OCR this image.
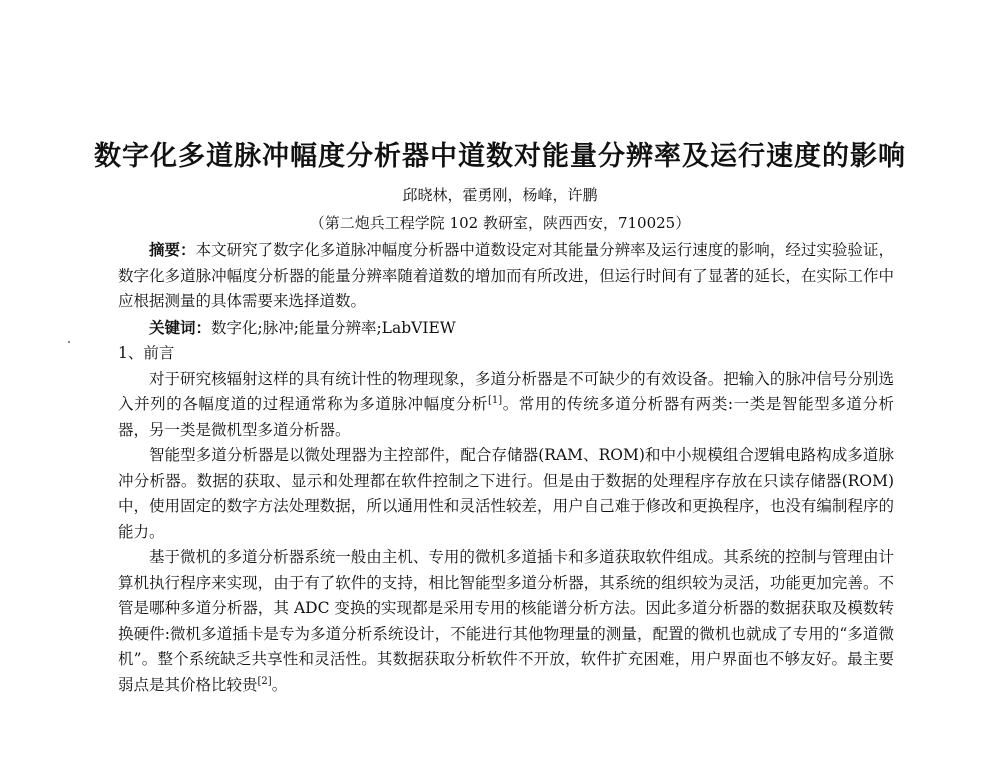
数字化多道脉冲幅度分析器中道数对能量分辨率及运行速度的影响
邱晓林，霍勇刚，杨峰，许鹏
（第二炮兵工程学院 102 教研室，陕西西安，710025）

摘要：本文研究了数字化多道脉冲幅度分析器中道数设定对其能量分辨率及运行速度的影响，经过实验验证，数字化多道脉冲幅度分析器的能量分辨率随着道数的增加而有所改进，但运行时间有了显著的延长，在实际工作中应根据测量的具体需要来选择道数。

关键词：数字化;脉冲;能量分辨率;LabVIEW

1、前言

对于研究核辐射这样的具有统计性的物理现象，多道分析器是不可缺少的有效设备。把输入的脉冲信号分别选入并列的各幅度道的过程通常称为多道脉冲幅度分析[1]。常用的传统多道分析器有两类:一类是智能型多道分析器，另一类是微机型多道分析器。

智能型多道分析器是以微处理器为主控部件，配合存储器(RAM、ROM)和中小规模组合逻辑电路构成多道脉冲分析器。数据的获取、显示和处理都在软件控制之下进行。但是由于数据的处理程序存放在只读存储器(ROM)中，使用固定的数字方法处理数据，所以通用性和灵活性较差，用户自己难于修改和更换程序，也没有编制程序的能力。

基于微机的多道分析器系统一般由主机、专用的微机多道插卡和多道获取软件组成。其系统的控制与管理由计算机执行程序来实现，由于有了软件的支持，相比智能型多道分析器，其系统的组织较为灵活，功能更加完善。不管是哪种多道分析器，其 ADC 变换的实现都是采用专用的核能谱分析方法。因此多道分析器的数据获取及模数转换硬件:微机多道插卡是专为多道分析系统设计，不能进行其他物理量的测量，配置的微机也就成了专用的“多道微机”。整个系统缺乏共享性和灵活性。其数据获取分析软件不开放，软件扩充困难，用户界面也不够友好。最主要弱点是其价格比较贵[2]。
